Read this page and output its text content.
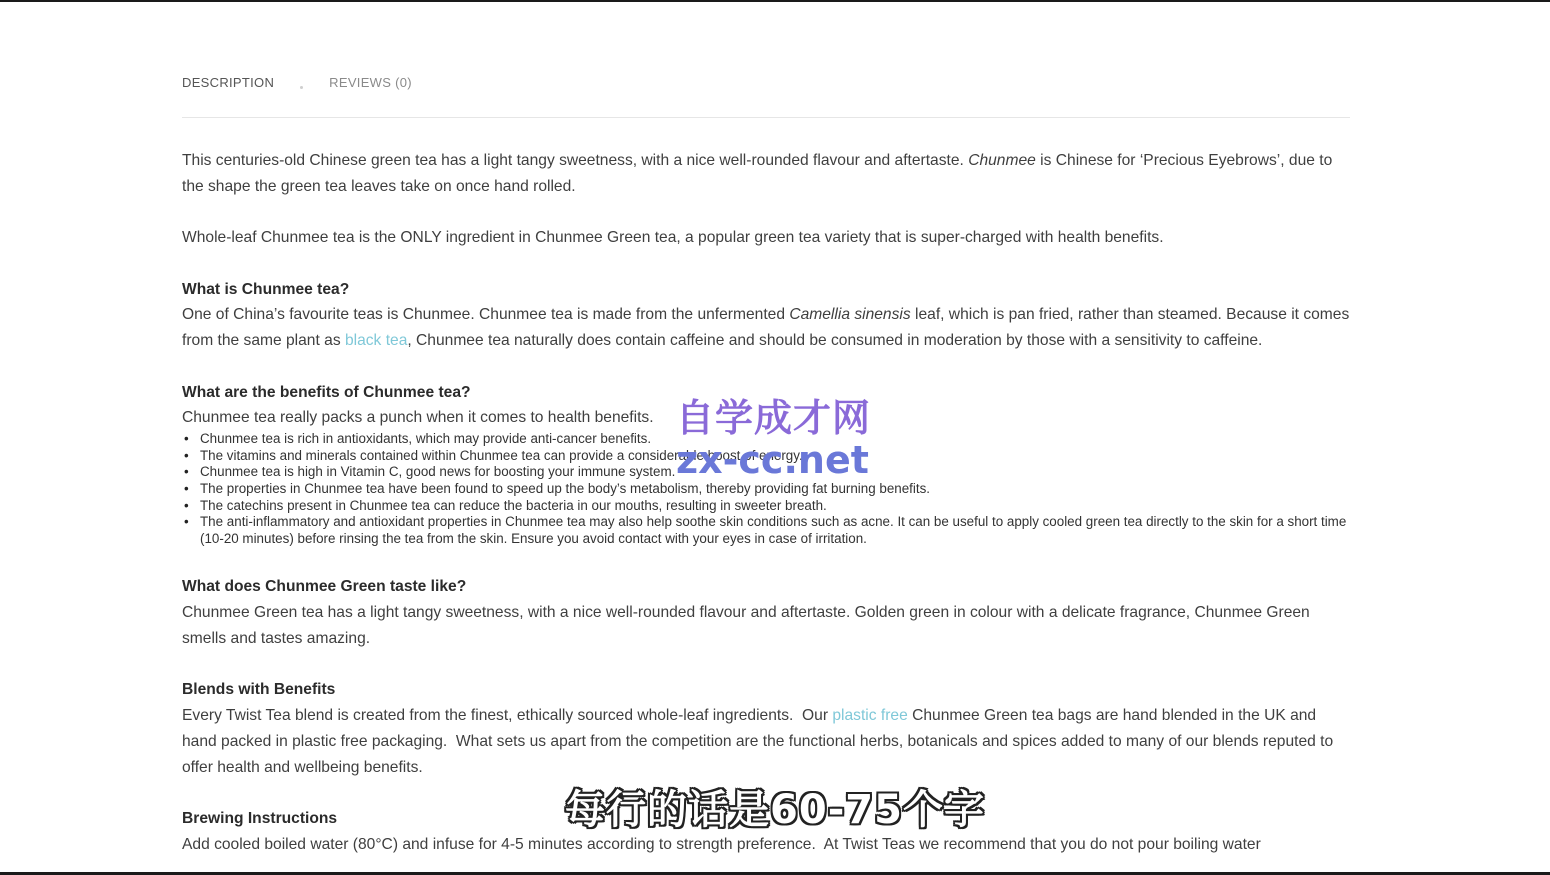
DESCRIPTION	REVIEWS (0)

This centuries-old Chinese green tea has a light tangy sweetness, with a nice well-rounded flavour and aftertaste. Chunmee is Chinese for ‘Precious Eyebrows’, due to the shape the green tea leaves take on once hand rolled.

Whole-leaf Chunmee tea is the ONLY ingredient in Chunmee Green tea, a popular green tea variety that is super-charged with health benefits.

What is Chunmee tea?

One of China’s favourite teas is Chunmee. Chunmee tea is made from the unfermented Camellia sinensis leaf, which is pan fried, rather than steamed. Because it comes from the same plant as black tea, Chunmee tea naturally does contain caffeine and should be consumed in moderation by those with a sensitivity to caffeine.

What are the benefits of Chunmee tea?

Chunmee tea really packs a punch when it comes to health benefits.

• Chunmee tea is rich in antioxidants, which may provide anti-cancer benefits.
• The vitamins and minerals contained within Chunmee tea can provide a considerable boost of energy.
• Chunmee tea is high in Vitamin C, good news for boosting your immune system.
• The properties in Chunmee tea have been found to speed up the body’s metabolism, thereby providing fat burning benefits.
• The catechins present in Chunmee tea can reduce the bacteria in our mouths, resulting in sweeter breath.
• The anti-inflammatory and antioxidant properties in Chunmee tea may also help soothe skin conditions such as acne. It can be useful to apply cooled green tea directly to the skin for a short time (10-20 minutes) before rinsing the tea from the skin. Ensure you avoid contact with your eyes in case of irritation.
What does Chunmee Green taste like?

Chunmee Green tea has a light tangy sweetness, with a nice well-rounded flavour and aftertaste. Golden green in colour with a delicate fragrance, Chunmee Green smells and tastes amazing.

Blends with Benefits

Every Twist Tea blend is created from the finest, ethically sourced whole-leaf ingredients.  Our plastic free Chunmee Green tea bags are hand blended in the UK and hand packed in plastic free packaging.  What sets us apart from the competition are the functional herbs, botanicals and spices added to many of our blends reputed to offer health and wellbeing benefits.

Brewing Instructions

Add cooled boiled water (80°C) and infuse for 4-5 minutes according to strength preference.  At Twist Teas we recommend that you do not pour boiling water

自学成才网
zx-cc.net
每行的话是60-75个字
